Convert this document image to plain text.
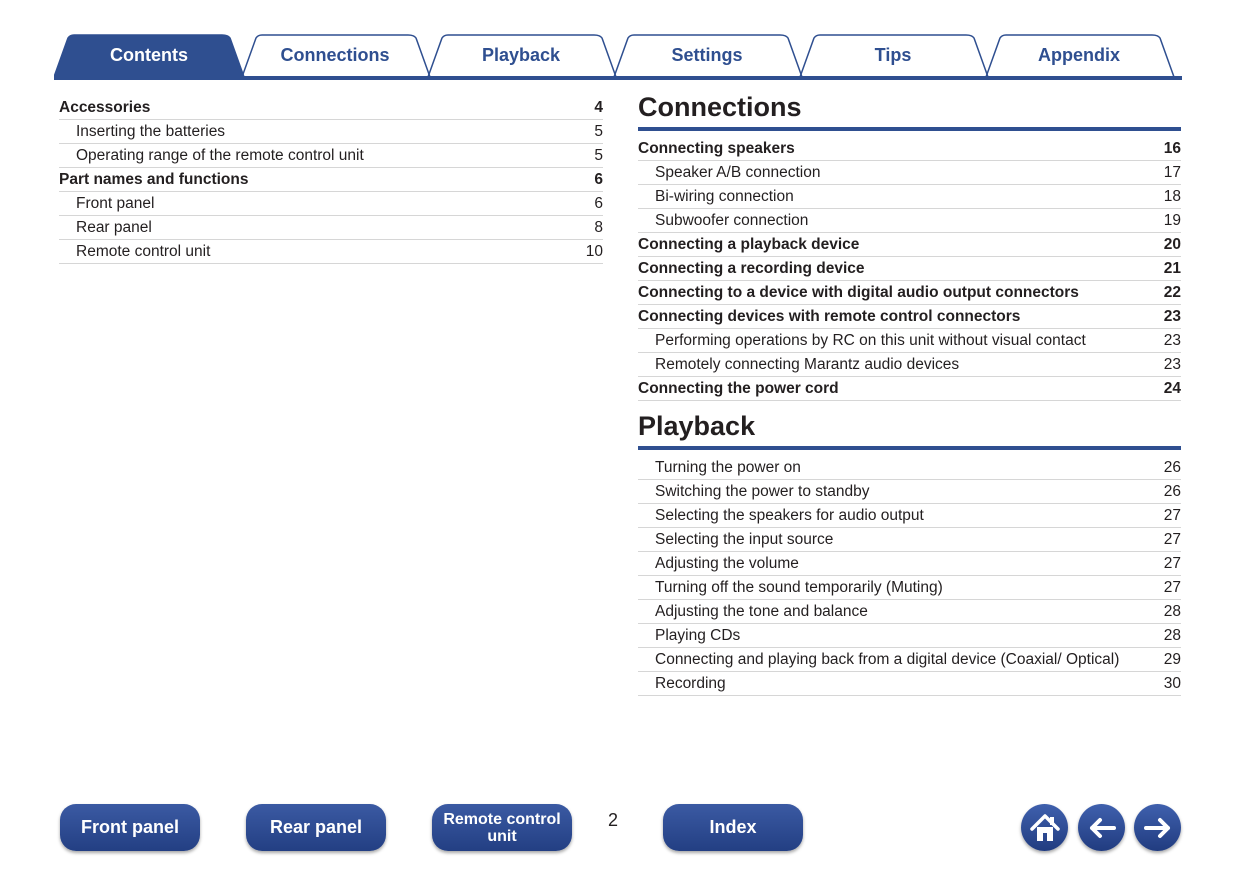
Contents	Connections	Playback	Settings	Tips	Appendix
Accessories	4
Inserting the batteries	5
Operating range of the remote control unit	5
Part names and functions	6
Front panel	6
Rear panel	8
Remote control unit	10
Connections
Connecting speakers	16
Speaker A/B connection	17
Bi-wiring connection	18
Subwoofer connection	19
Connecting a playback device	20
Connecting a recording device	21
Connecting to a device with digital audio output connectors	22
Connecting devices with remote control connectors	23
Performing operations by RC on this unit without visual contact	23
Remotely connecting Marantz audio devices	23
Connecting the power cord	24
Playback
Turning the power on	26
Switching the power to standby	26
Selecting the speakers for audio output	27
Selecting the input source	27
Adjusting the volume	27
Turning off the sound temporarily (Muting)	27
Adjusting the tone and balance	28
Playing CDs	28
Connecting and playing back from a digital device (Coaxial/ Optical)	29
Recording	30
Front panel	Rear panel	Remote control
unit
2	Index
